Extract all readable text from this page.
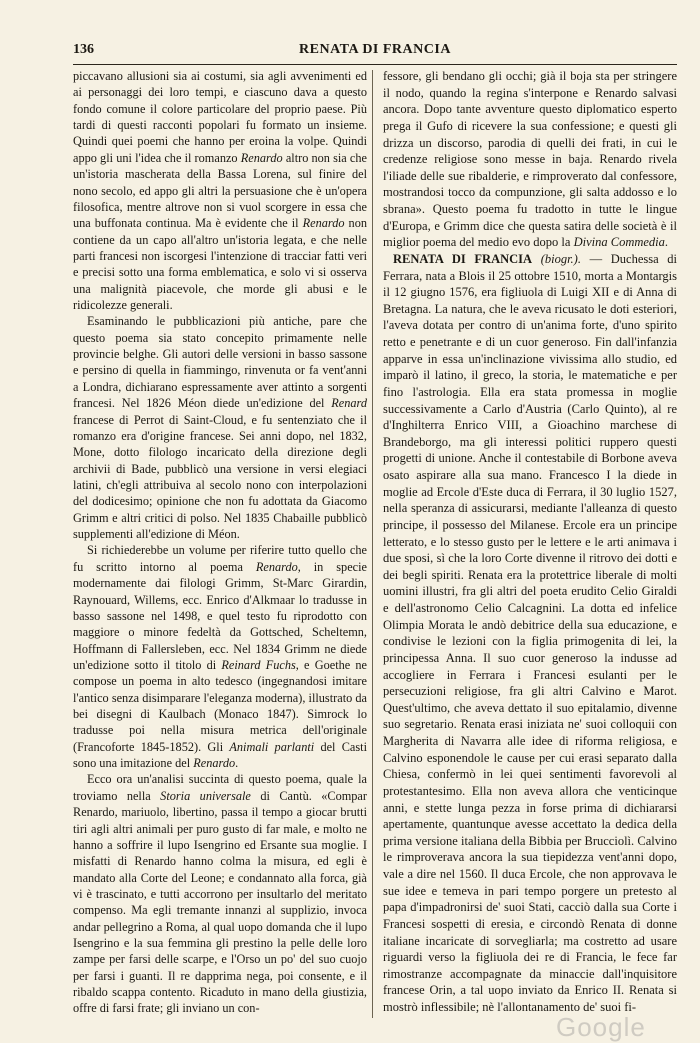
136	RENATA DI FRANCIA

piccavano allusioni sia ai costumi, sia agli avvenimenti ed ai personaggi dei loro tempi, e ciascuno dava a questo fondo comune il colore particolare del proprio paese. Più tardi di questi racconti popolari fu formato un insieme. Quindi quei poemi che hanno per eroina la volpe. Quindi appo gli uni l'idea che il romanzo Renardo altro non sia che un'istoria mascherata della Bassa Lorena, sul finire del nono secolo, ed appo gli altri la persuasione che è un'opera filosofica, mentre altrove non si vuol scorgere in essa che una buffonata continua. Ma è evidente che il Renardo non contiene da un capo all'altro un'istoria legata, e che nelle parti francesi non iscorgesi l'intenzione di tracciar fatti veri e precisi sotto una forma emblematica, e solo vi si osserva una malignità piacevole, che morde gli abusi e le ridicolezze generali.

Esaminando le pubblicazioni più antiche, pare che questo poema sia stato concepito primamente nelle provincie belghe. Gli autori delle versioni in basso sassone e persino di quella in fiammingo, rinvenuta or fa vent'anni a Londra, dichiarano espressamente aver attinto a sorgenti francesi. Nel 1826 Méon diede un'edizione del Renard francese di Perrot di Saint-Cloud, e fu sentenziato che il romanzo era d'origine francese. Sei anni dopo, nel 1832, Mone, dotto filologo incaricato della direzione degli archivii di Bade, pubblicò una versione in versi elegiaci latini, ch'egli attribuiva al secolo nono con interpolazioni del dodicesimo; opinione che non fu adottata da Giacomo Grimm e altri critici di polso. Nel 1835 Chabaille pubblicò supplementi all'edizione di Méon.

Si richiederebbe un volume per riferire tutto quello che fu scritto intorno al poema Renardo, in specie modernamente dai filologi Grimm, St-Marc Girardin, Raynouard, Willems, ecc. Enrico d'Alkmaar lo tradusse in basso sassone nel 1498, e quel testo fu riprodotto con maggiore o minore fedeltà da Gottsched, Scheltemn, Hoffmann di Fallersleben, ecc. Nel 1834 Grimm ne diede un'edizione sotto il titolo di Reinard Fuchs, e Goethe ne compose un poema in alto tedesco (ingegnandosi imitare l'antico senza disimparare l'eleganza moderna), illustrato da bei disegni di Kaulbach (Monaco 1847). Simrock lo tradusse poi nella misura metrica dell'originale (Francoforte 1845-1852). Gli Animali parlanti del Casti sono una imitazione del Renardo.

Ecco ora un'analisi succinta di questo poema, quale la troviamo nella Storia universale di Cantù. «Compar Renardo, mariuolo, libertino, passa il tempo a giocar brutti tiri agli altri animali per puro gusto di far male, e molto ne hanno a soffrire il lupo Isengrino ed Ersante sua moglie. I misfatti di Renardo hanno colma la misura, ed egli è mandato alla Corte del Leone; e condannato alla forca, già vi è trascinato, e tutti accorrono per insultarlo del meritato compenso. Ma egli tremante innanzi al supplizio, invoca andar pellegrino a Roma, al qual uopo domanda che il lupo Isengrino e la sua femmina gli prestino la pelle delle loro zampe per farsi delle scarpe, e l'Orso un po' del suo cuojo per farsi i guanti. Il re dapprima nega, poi consente, e il ribaldo scappa contento. Ricaduto in mano della giustizia, offre di farsi frate; gli inviano un con-

fessore, gli bendano gli occhi; già il boja sta per stringere il nodo, quando la regina s'interpone e Renardo salvasi ancora. Dopo tante avventure questo diplomatico esperto prega il Gufo di ricevere la sua confessione; e questi gli drizza un discorso, parodia di quelli dei frati, in cui le credenze religiose sono messe in baja. Renardo rivela l'iliade delle sue ribalderie, e rimproverato dal confessore, mostrandosi tocco da compunzione, gli salta addosso e lo sbrana». Questo poema fu tradotto in tutte le lingue d'Europa, e Grimm dice che questa satira delle società è il miglior poema del medio evo dopo la Divina Commedia.

RENATA DI FRANCIA (biogr.). — Duchessa di Ferrara, nata a Blois il 25 ottobre 1510, morta a Montargis il 12 giugno 1576, era figliuola di Luigi XII e di Anna di Bretagna. La natura, che le aveva ricusato le doti esteriori, l'aveva dotata per contro di un'anima forte, d'uno spirito retto e penetrante e di un cuor generoso. Fin dall'infanzia apparve in essa un'inclinazione vivissima allo studio, ed imparò il latino, il greco, la storia, le matematiche e per fino l'astrologia. Ella era stata promessa in moglie successivamente a Carlo d'Austria (Carlo Quinto), al re d'Inghilterra Enrico VIII, a Gioachino marchese di Brandeborgo, ma gli interessi politici ruppero questi progetti di unione. Anche il contestabile di Borbone aveva osato aspirare alla sua mano. Francesco I la diede in moglie ad Ercole d'Este duca di Ferrara, il 30 luglio 1527, nella speranza di assicurarsi, mediante l'alleanza di questo principe, il possesso del Milanese. Ercole era un principe letterato, e lo stesso gusto per le lettere e le arti animava i due sposi, sì che la loro Corte divenne il ritrovo dei dotti e dei begli spiriti. Renata era la protettrice liberale di molti uomini illustri, fra gli altri del poeta erudito Celio Giraldi e dell'astronomo Celio Calcagnini. La dotta ed infelice Olimpia Morata le andò debitrice della sua educazione, e condivise le lezioni con la figlia primogenita di lei, la principessa Anna. Il suo cuor generoso la indusse ad accogliere in Ferrara i Francesi esulanti per le persecuzioni religiose, fra gli altri Calvino e Marot. Quest'ultimo, che aveva dettato il suo epitalamio, divenne suo segretario. Renata erasi iniziata ne' suoi colloquii con Margherita di Navarra alle idee di riforma religiosa, e Calvino esponendole le cause per cui erasi separato dalla Chiesa, confermò in lei quei sentimenti favorevoli al protestantesimo. Ella non aveva allora che venticinque anni, e stette lunga pezza in forse prima di dichiararsi apertamente, quantunque avesse accettato la dedica della prima versione italiana della Bibbia per Brucciolì. Calvino le rimproverava ancora la sua tiepidezza vent'anni dopo, vale a dire nel 1560. Il duca Ercole, che non approvava le sue idee e temeva in pari tempo porgere un pretesto al papa d'impadronirsi de' suoi Stati, cacciò dalla sua Corte i Francesi sospetti di eresia, e circondò Renata di donne italiane incaricate di sorvegliarla; ma costretto ad usare riguardi verso la figliuola dei re di Francia, le fece far rimostranze accompagnate da minaccie dall'inquisitore francese Orin, a tal uopo inviato da Enrico II. Renata si mostrò inflessibile; nè l'allontanamento de' suoi fi-

Google
